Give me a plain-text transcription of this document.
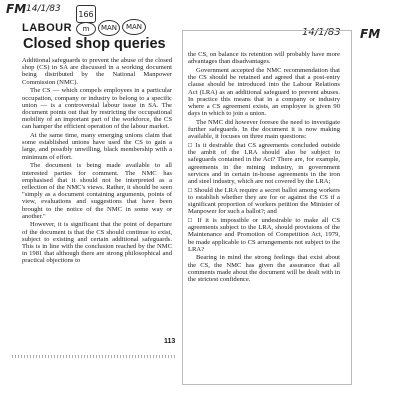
FM 14/1/83 166
m	MAN	MAN	14/1/83 FM
LABOUR
Closed shop queries

Additional safeguards to prevent the abuse of the closed shop (CS) in SA are discussed in a working document being distributed by the National Manpower Commission (NMC).

The CS — which compels employees in a particular occupation, company or industry to belong to a specific union — is a controversial labour issue in SA. The document points out that by restricting the occupational mobility of an important part of the workforce, the CS can hamper the efficient operation of the labour market.

At the same time, many emerging unions claim that some established unions have used the CS to gain a large, and possibly unwilling, black membership with a minimum of effort.

The document is being made available to all interested parties for comment. The NMC has emphasised that it should not be interpreted as a reflection of the NMC's views. Rather, it should be seen "simply as a document containing arguments, points of view, evaluations and suggestions that have been brought to the notice of the NMC in some way or another."

However, it is significant that the point of departure of the document is that the CS should continue to exist, subject to existing and certain additional safeguards. This is in line with the conclusion reached by the NMC in 1981 that although there are strong philosophical and practical objections to

the CS, on balance its retention will probably have more advantages than disadvantages.

Government accepted the NMC recommendation that the CS should be retained and agreed that a post-entry clause should be introduced into the Labour Relations Act (LRA) as an additional safeguard to prevent abuses. In practice this means that in a company or industry where a CS agreement exists, an employee is given 90 days in which to join a union.

The NMC did however foresee the need to investigate further safeguards. In the document it is now making available, it focuses on three main questions:

□ Is it desirable that CS agreements concluded outside the ambit of the LRA should also be subject to safeguards contained in the Act? There are, for example, agreements in the mining industry, in government services and in certain in-house agreements in the iron and steel industry, which are not covered by the LRA;

□ Should the LRA require a secret ballot among workers to establish whether they are for or against the CS if a significant proportion of workers petition the Minister of Manpower for such a ballot?; and

□ If it is impossible or undesirable to make all CS agreements subject to the LRA, should provisions of the Maintenance and Promotion of Competition Act, 1979, be made applicable to CS arrangements not subject to the LRA?

Bearing in mind the strong feelings that exist about the CS, the NMC has given the assurance that all comments made about the document will be dealt with in the strictest confidence.

113
